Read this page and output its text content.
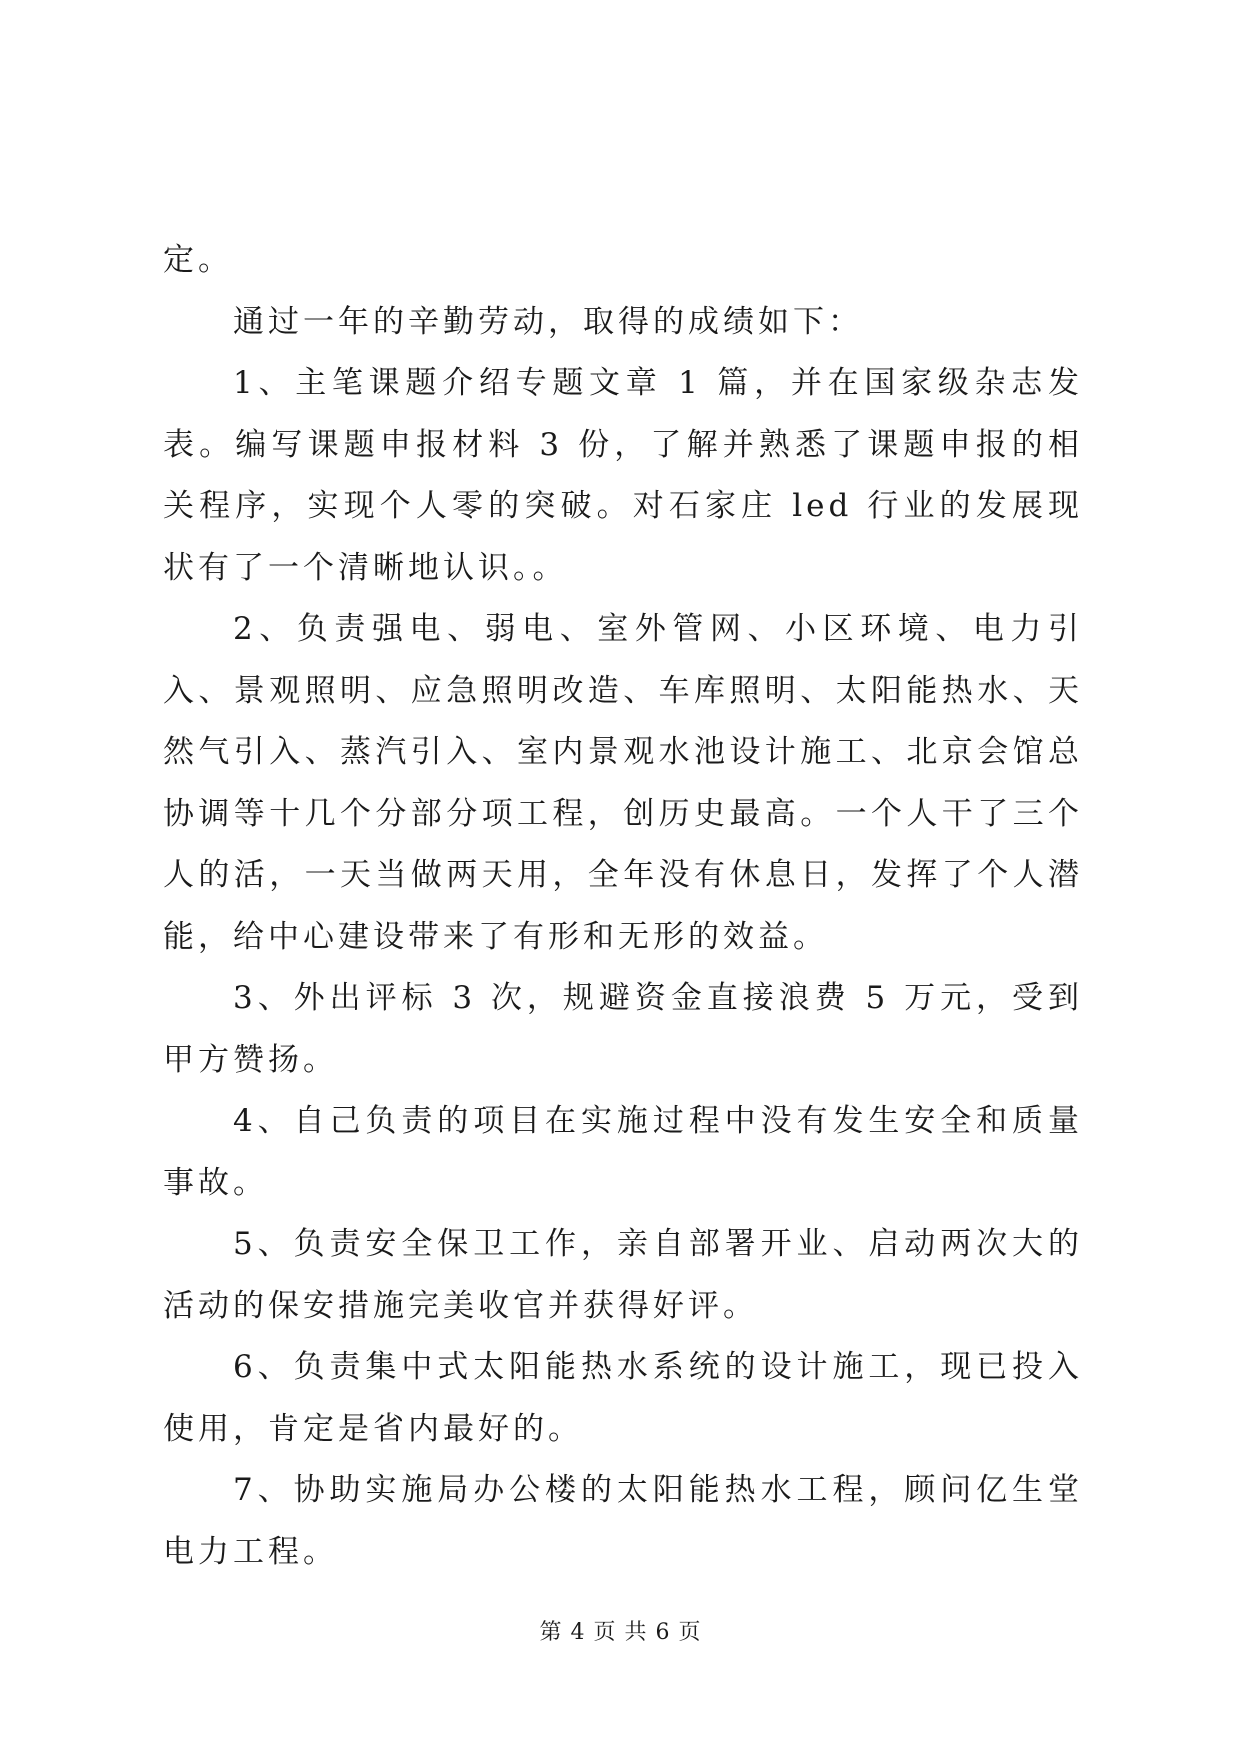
定。

通过一年的辛勤劳动，取得的成绩如下：

1、主笔课题介绍专题文章 1 篇，并在国家级杂志发表。编写课题申报材料 3 份，了解并熟悉了课题申报的相关程序，实现个人零的突破。对石家庄 led 行业的发展现状有了一个清晰地认识。。

2、负责强电、弱电、室外管网、小区环境、电力引入、景观照明、应急照明改造、车库照明、太阳能热水、天然气引入、蒸汽引入、室内景观水池设计施工、北京会馆总协调等十几个分部分项工程，创历史最高。一个人干了三个人的活，一天当做两天用，全年没有休息日，发挥了个人潜能，给中心建设带来了有形和无形的效益。

3、外出评标 3 次，规避资金直接浪费 5 万元，受到甲方赞扬。

4、自己负责的项目在实施过程中没有发生安全和质量事故。

5、负责安全保卫工作，亲自部署开业、启动两次大的活动的保安措施完美收官并获得好评。

6、负责集中式太阳能热水系统的设计施工，现已投入使用，肯定是省内最好的。

7、协助实施局办公楼的太阳能热水工程，顾问亿生堂电力工程。

第 4 页 共 6 页
